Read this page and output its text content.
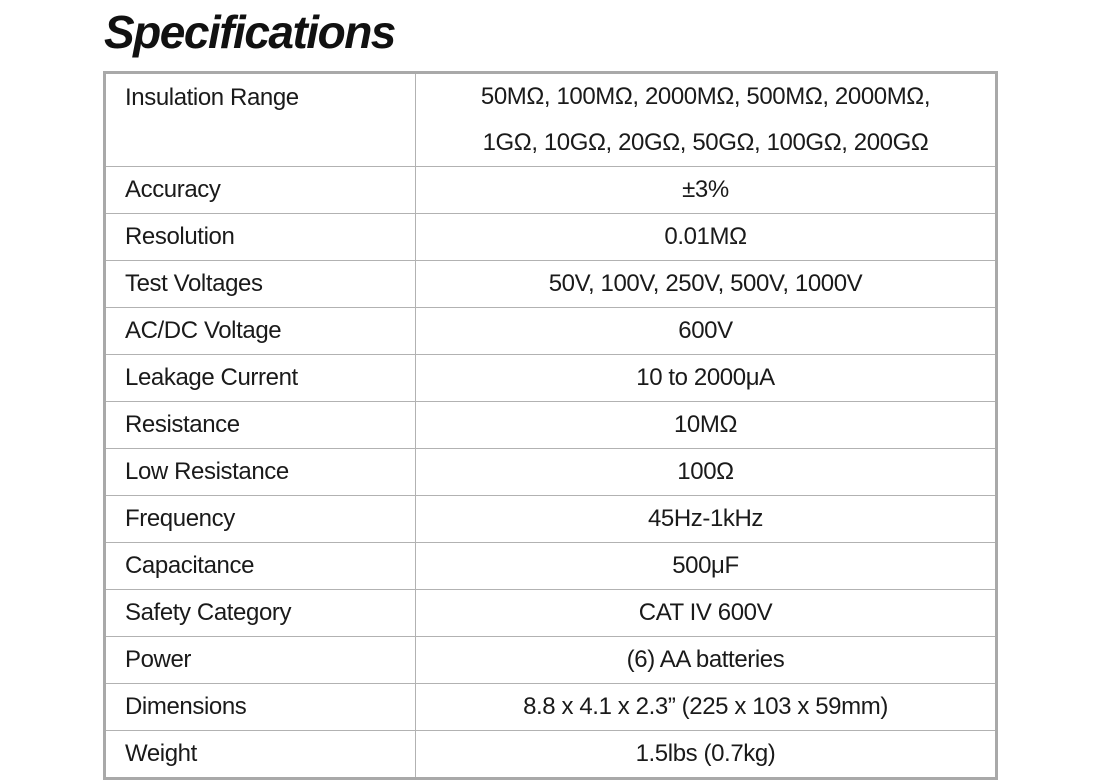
Specifications
Insulation Range	50MΩ, 100MΩ, 2000MΩ, 500MΩ, 2000MΩ,
1GΩ, 10GΩ, 20GΩ, 50GΩ, 100GΩ, 200GΩ

Accuracy	±3%
Resolution	0.01MΩ
Test Voltages	50V, 100V, 250V, 500V, 1000V
AC/DC Voltage	600V
Leakage Current	10 to 2000μA
Resistance	10MΩ
Low Resistance	100Ω
Frequency	45Hz-1kHz
Capacitance	500μF
Safety Category	CAT IV 600V
Power	(6) AA batteries
Dimensions	8.8 x 4.1 x 2.3” (225 x 103 x 59mm)
Weight	1.5lbs (0.7kg)
